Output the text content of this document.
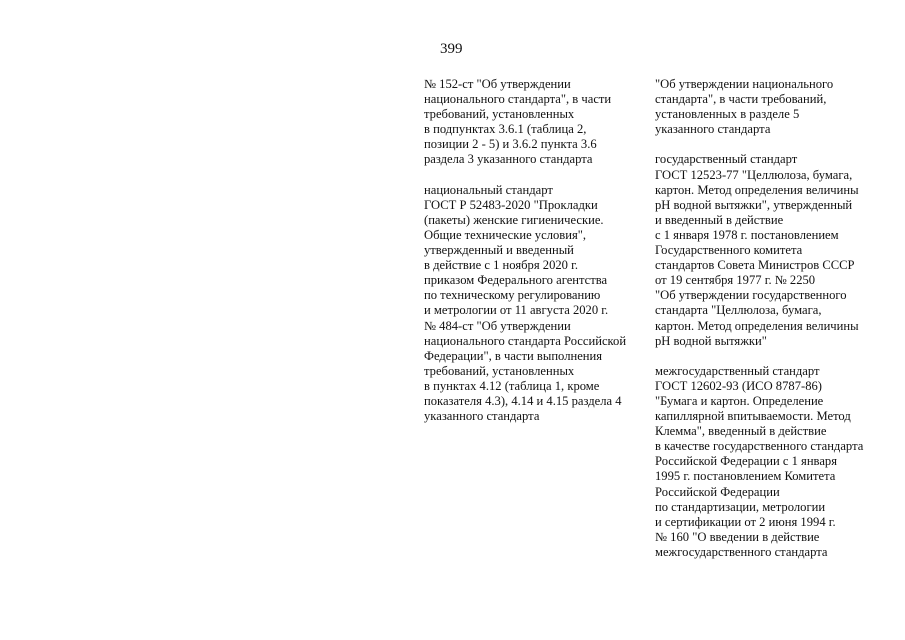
399
№ 152-ст "Об утверждении
национального стандарта", в части
требований, установленных
в подпунктах 3.6.1 (таблица 2,
позиции 2 - 5) и 3.6.2 пункта 3.6
раздела 3 указанного стандарта
национальный стандарт
ГОСТ Р 52483-2020 "Прокладки
(пакеты) женские гигиенические.
Общие технические условия",
утвержденный и введенный
в действие с 1 ноября 2020 г.
приказом Федерального агентства
по техническому регулированию
и метрологии от 11 августа 2020 г.
№ 484-ст "Об утверждении
национального стандарта Российской
Федерации", в части выполнения
требований, установленных
в пунктах 4.12 (таблица 1, кроме
показателя 4.3), 4.14 и 4.15 раздела 4
указанного стандарта
"Об утверждении национального
стандарта", в части требований,
установленных в разделе 5
указанного стандарта
государственный стандарт
ГОСТ 12523-77 "Целлюлоза, бумага,
картон. Метод определения величины
pH водной вытяжки", утвержденный
и введенный в действие
с 1 января 1978 г. постановлением
Государственного комитета
стандартов Совета Министров СССР
от 19 сентября 1977 г. № 2250
"Об утверждении государственного
стандарта "Целлюлоза, бумага,
картон. Метод определения величины
pH водной вытяжки"
межгосударственный стандарт
ГОСТ 12602-93 (ИСО 8787-86)
"Бумага и картон. Определение
капиллярной впитываемости. Метод
Клемма", введенный в действие
в качестве государственного стандарта
Российской Федерации с 1 января
1995 г. постановлением Комитета
Российской Федерации
по стандартизации, метрологии
и сертификации от 2 июня 1994 г.
№ 160 "О введении в действие
межгосударственного стандарта
